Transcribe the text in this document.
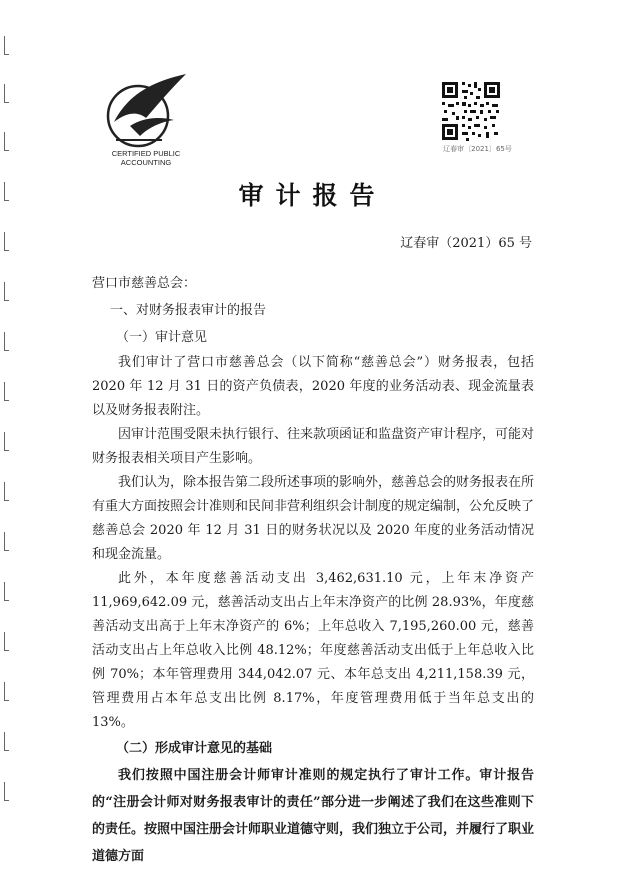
CERTIFIED PUBLIC
ACCOUNTING
辽春审〔2021〕65号
审计报告
辽春审（2021）65 号

营口市慈善总会：

一、对财务报表审计的报告

（一）审计意见

我们审计了营口市慈善总会（以下简称“慈善总会”）财务报表，包括 2020 年 12 月 31 日的资产负债表，2020 年度的业务活动表、现金流量表以及财务报表附注。

因审计范围受限未执行银行、往来款项函证和监盘资产审计程序，可能对财务报表相关项目产生影响。

我们认为，除本报告第二段所述事项的影响外，慈善总会的财务报表在所有重大方面按照会计准则和民间非营利组织会计制度的规定编制，公允反映了慈善总会 2020 年 12 月 31 日的财务状况以及 2020 年度的业务活动情况和现金流量。

此外，本年度慈善活动支出 3,462,631.10 元，上年末净资产 11,969,642.09 元，慈善活动支出占上年末净资产的比例 28.93%，年度慈善活动支出高于上年末净资产的 6%；上年总收入 7,195,260.00 元，慈善活动支出占上年总收入比例 48.12%；年度慈善活动支出低于上年总收入比例 70%；本年管理费用 344,042.07 元、本年总支出 4,211,158.39 元，管理费用占本年总支出比例 8.17%，年度管理费用低于当年总支出的 13%。

（二）形成审计意见的基础

我们按照中国注册会计师审计准则的规定执行了审计工作。审计报告的“注册会计师对财务报表审计的责任”部分进一步阐述了我们在这些准则下的责任。按照中国注册会计师职业道德守则，我们独立于公司，并履行了职业道德方面
